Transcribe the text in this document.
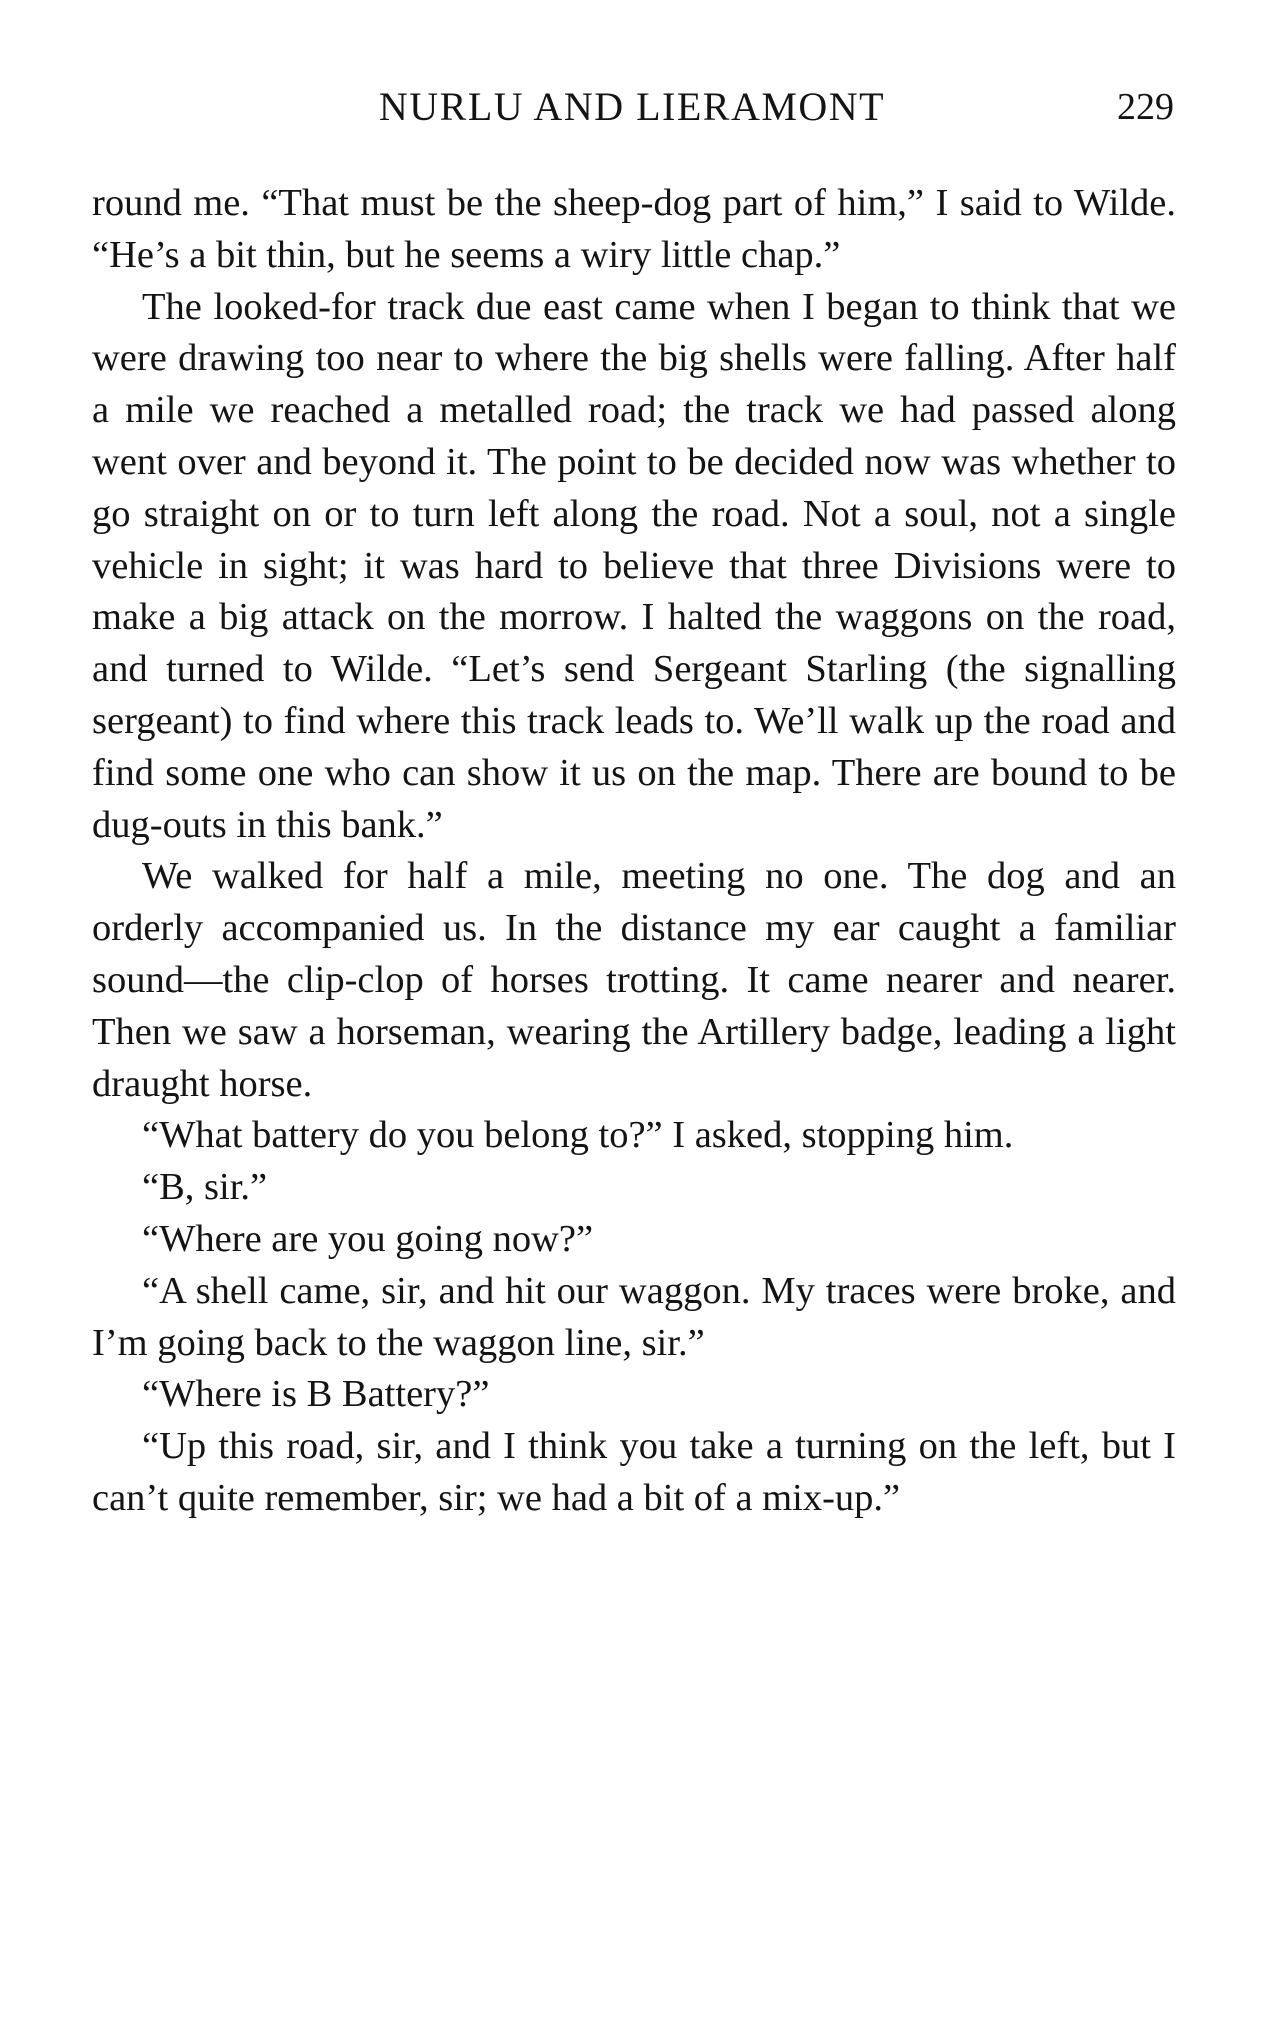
NURLU AND LIERAMONT	229

round me. “That must be the sheep-dog part of him,” I said to Wilde. “He’s a bit thin, but he seems a wiry little chap.”

The looked-for track due east came when I began to think that we were drawing too near to where the big shells were falling. After half a mile we reached a metalled road; the track we had passed along went over and beyond it. The point to be decided now was whether to go straight on or to turn left along the road. Not a soul, not a single vehicle in sight; it was hard to believe that three Divisions were to make a big attack on the morrow. I halted the waggons on the road, and turned to Wilde. “Let’s send Sergeant Starling (the signalling sergeant) to find where this track leads to. We’ll walk up the road and find some one who can show it us on the map. There are bound to be dug-outs in this bank.”

We walked for half a mile, meeting no one. The dog and an orderly accompanied us. In the distance my ear caught a familiar sound—the clip-clop of horses trotting. It came nearer and nearer. Then we saw a horseman, wearing the Artillery badge, leading a light draught horse.

“What battery do you belong to?” I asked, stopping him.

“B, sir.”

“Where are you going now?”

“A shell came, sir, and hit our waggon. My traces were broke, and I’m going back to the waggon line, sir.”

“Where is B Battery?”

“Up this road, sir, and I think you take a turning on the left, but I can’t quite remember, sir; we had a bit of a mix-up.”
